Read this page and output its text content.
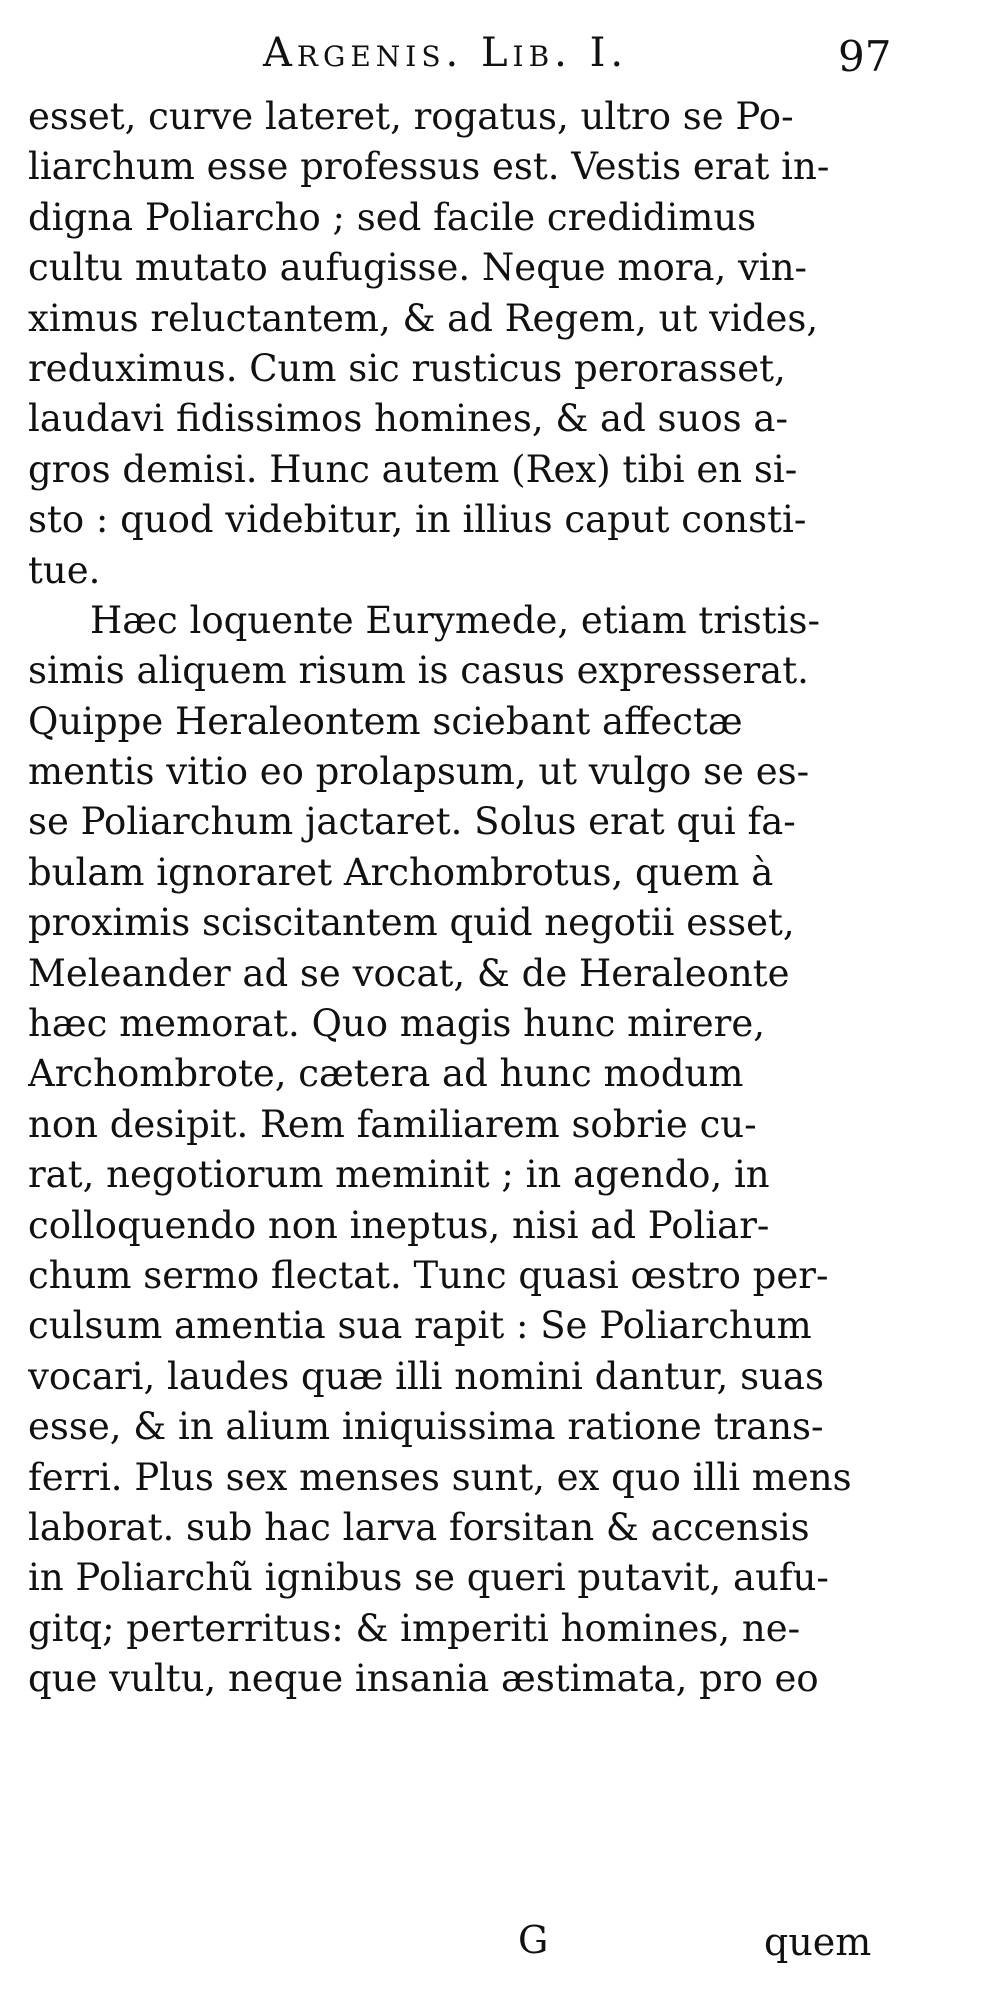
Argenis. Lib. I.	97
esset, curve lateret, rogatus, ultro se Po-
liarchum esse professus est. Vestis erat in-
digna Poliarcho ; sed facile credidimus
cultu mutato aufugisse. Neque mora, vin-
ximus reluctantem, & ad Regem, ut vides,
reduximus. Cum sic rusticus perorasset,
laudavi fidissimos homines, & ad suos a-
gros demisi. Hunc autem (Rex) tibi en si-
sto : quod videbitur, in illius caput consti-
tue.
Hæc loquente Eurymede, etiam tristis-
simis aliquem risum is casus expresserat.
Quippe Heraleontem sciebant affectæ
mentis vitio eo prolapsum, ut vulgo se es-
se Poliarchum jactaret. Solus erat qui fa-
bulam ignoraret Archombrotus, quem à
proximis sciscitantem quid negotii esset,
Meleander ad se vocat, & de Heraleonte
hæc memorat. Quo magis hunc mirere,
Archombrote, cætera ad hunc modum
non desipit. Rem familiarem sobrie cu-
rat, negotiorum meminit ; in agendo, in
colloquendo non ineptus, nisi ad Poliar-
chum sermo flectat. Tunc quasi œstro per-
culsum amentia sua rapit : Se Poliarchum
vocari, laudes quæ illi nomini dantur, suas
esse, & in alium iniquissima ratione trans-
ferri. Plus sex menses sunt, ex quo illi mens
laborat. sub hac larva forsitan & accensis
in Poliarchũ ignibus se queri putavit, aufu-
gitq; perterritus: & imperiti homines, ne-
que vultu, neque insania æstimata, pro eo
G	quem
